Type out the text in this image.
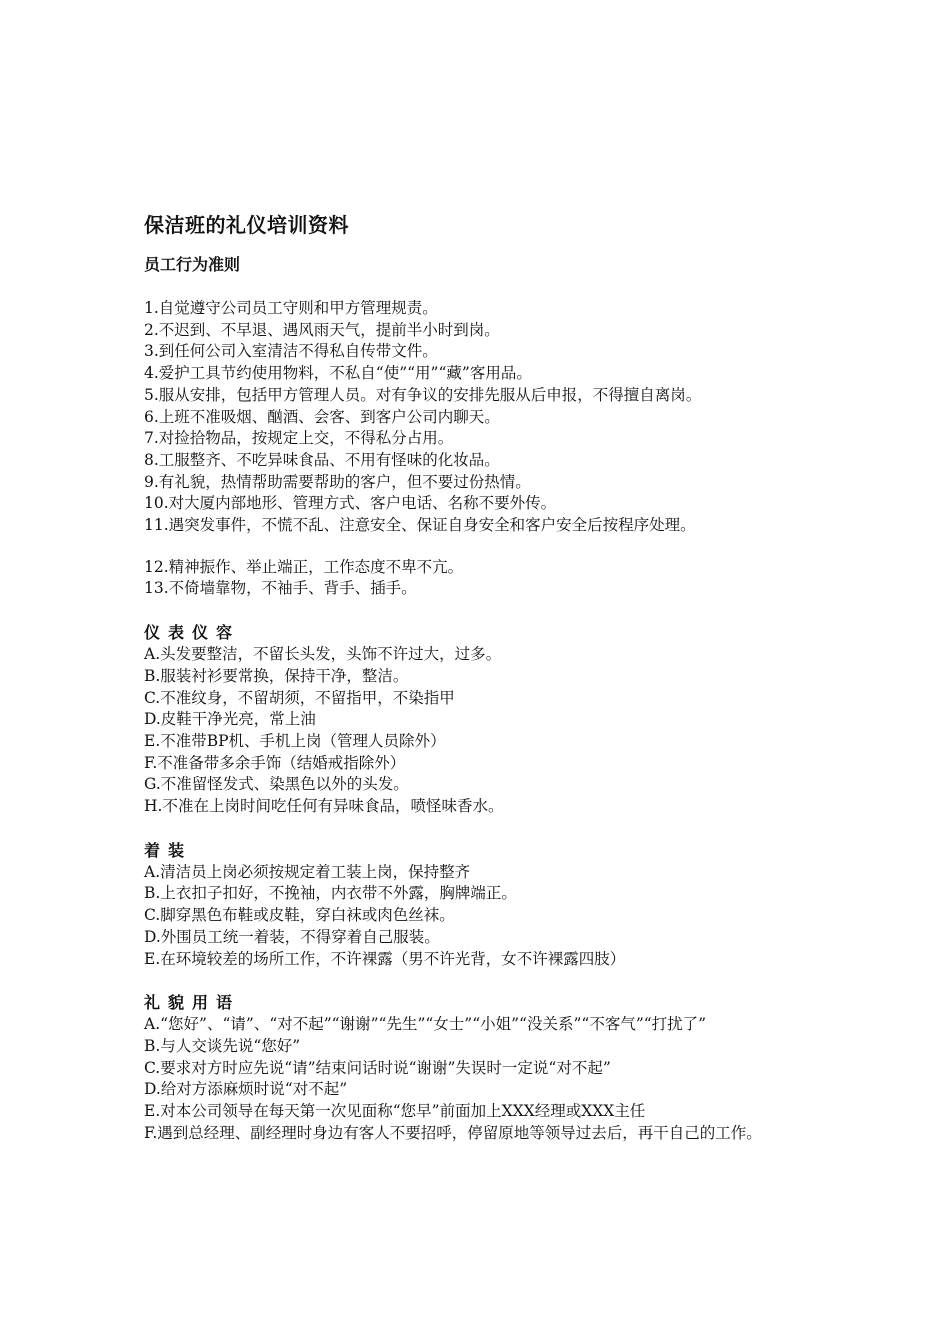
保洁班的礼仪培训资料
员工行为准则
1.自觉遵守公司员工守则和甲方管理规责。
2.不迟到、不早退、遇风雨天气，提前半小时到岗。
3.到任何公司入室清洁不得私自传带文件。
4.爱护工具节约使用物料，不私自“使”“用”“藏”客用品。
5.服从安排，包括甲方管理人员。对有争议的安排先服从后申报，不得擅自离岗。
6.上班不准吸烟、酗酒、会客、到客户公司内聊天。
7.对捡拾物品，按规定上交，不得私分占用。
8.工服整齐、不吃异味食品、不用有怪味的化妆品。
9.有礼貌，热情帮助需要帮助的客户，但不要过份热情。
10.对大厦内部地形、管理方式、客户电话、名称不要外传。
11.遇突发事件，不慌不乱、注意安全、保证自身安全和客户安全后按程序处理。
12.精神振作、举止端正，工作态度不卑不亢。
13.不倚墙靠物，不袖手、背手、插手。
仪表仪容
A.头发要整洁，不留长头发，头饰不许过大，过多。
B.服装衬衫要常换，保持干净，整洁。
C.不准纹身，不留胡须，不留指甲，不染指甲
D.皮鞋干净光亮，常上油
E.不准带BP机、手机上岗（管理人员除外）
F.不准备带多余手饰（结婚戒指除外）
G.不准留怪发式、染黑色以外的头发。
H.不准在上岗时间吃任何有异味食品，喷怪味香水。
着装
A.清洁员上岗必须按规定着工装上岗，保持整齐
B.上衣扣子扣好，不挽袖，内衣带不外露，胸牌端正。
C.脚穿黑色布鞋或皮鞋，穿白袜或肉色丝袜。
D.外围员工统一着装，不得穿着自己服装。
E.在环境较差的场所工作，不许裸露（男不许光背，女不许裸露四肢）
礼貌用语
A.“您好”、“请”、“对不起”“谢谢”“先生”“女士”“小姐”“没关系”“不客气”“打扰了”
B.与人交谈先说“您好”
C.要求对方时应先说“请”结束问话时说“谢谢”失误时一定说“对不起”
D.给对方添麻烦时说“对不起”
E.对本公司领导在每天第一次见面称“您早”前面加上XXX经理或XXX主任
F.遇到总经理、副经理时身边有客人不要招呼，停留原地等领导过去后，再干自己的工作。
